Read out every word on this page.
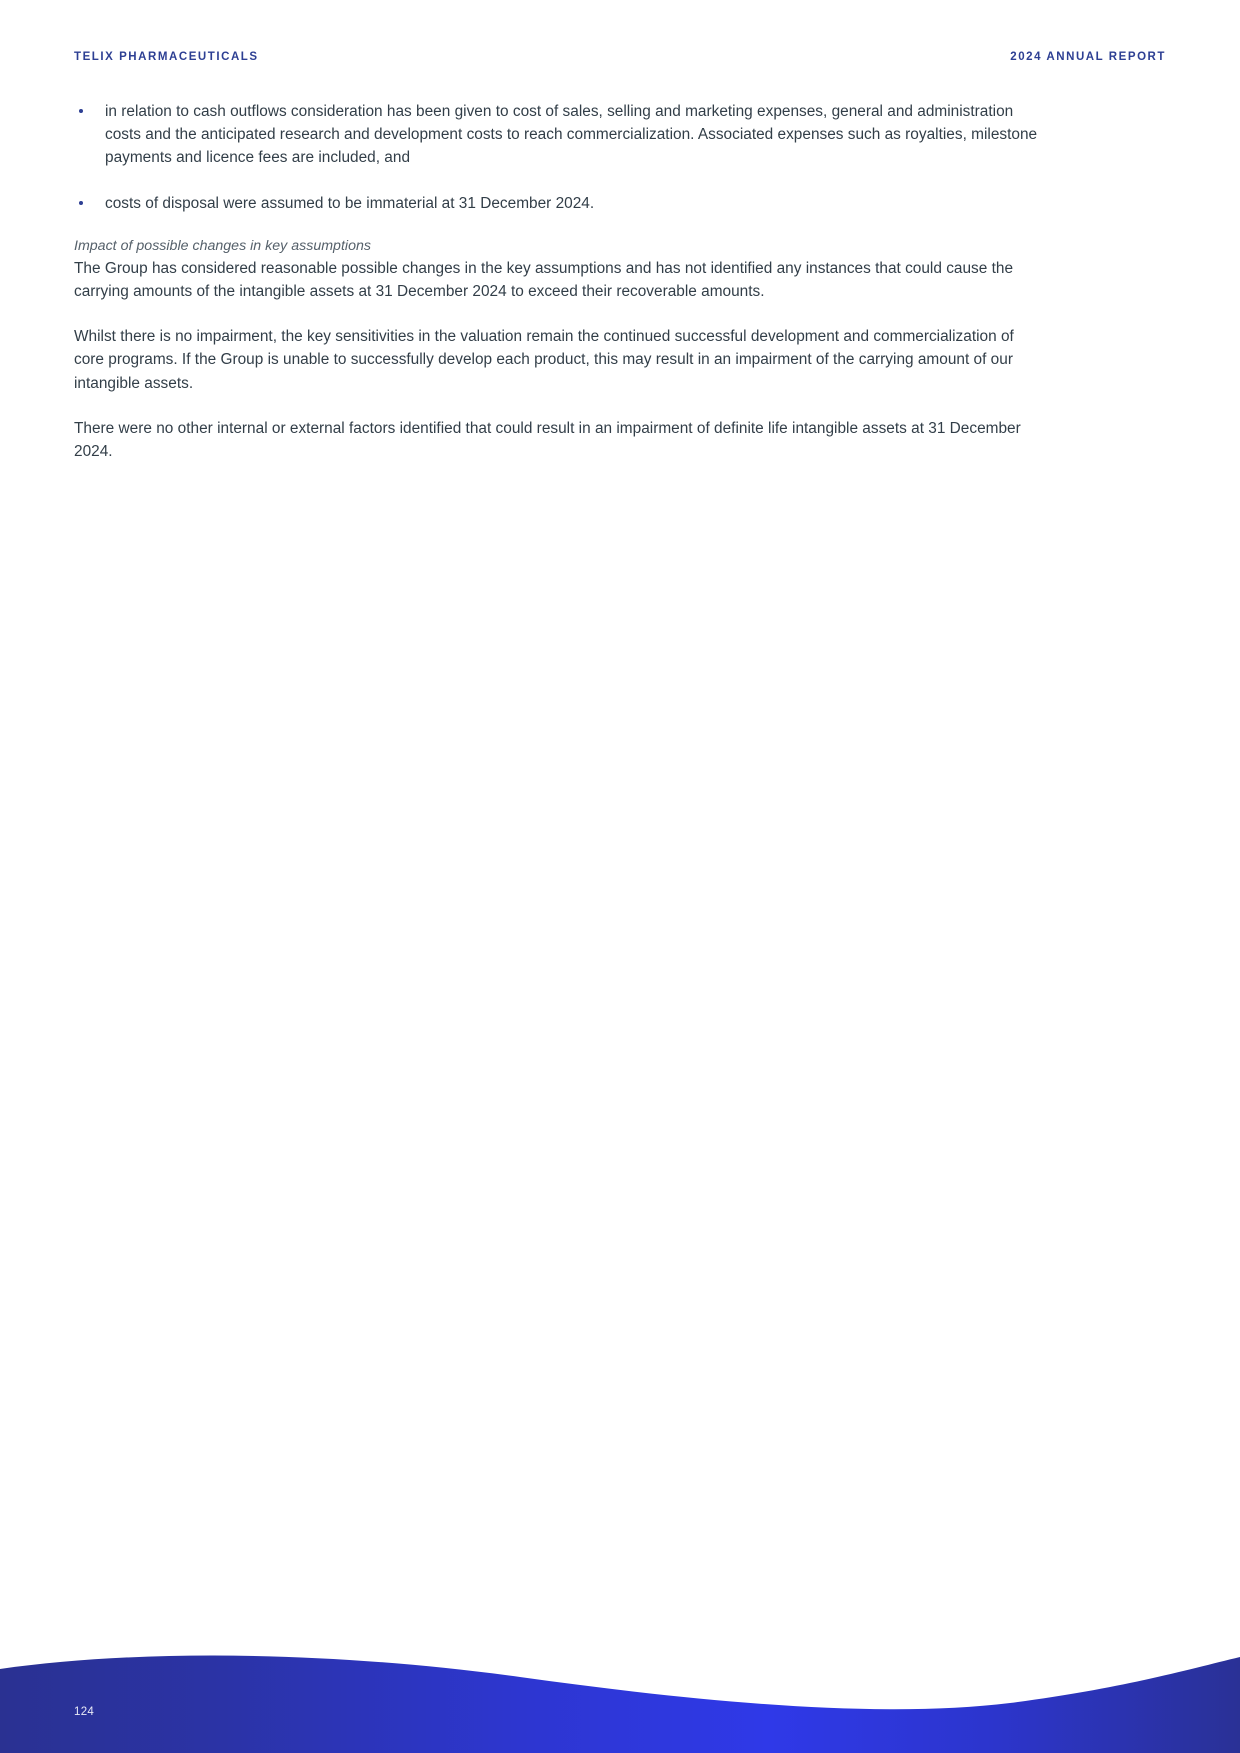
TELIX PHARMACEUTICALS	2024 ANNUAL REPORT
in relation to cash outflows consideration has been given to cost of sales, selling and marketing expenses, general and administration costs and the anticipated research and development costs to reach commercialization. Associated expenses such as royalties, milestone payments and licence fees are included, and
costs of disposal were assumed to be immaterial at 31 December 2024.

Impact of possible changes in key assumptions

The Group has considered reasonable possible changes in the key assumptions and has not identified any instances that could cause the carrying amounts of the intangible assets at 31 December 2024 to exceed their recoverable amounts.

Whilst there is no impairment, the key sensitivities in the valuation remain the continued successful development and commercialization of core programs. If the Group is unable to successfully develop each product, this may result in an impairment of the carrying amount of our intangible assets.

There were no other internal or external factors identified that could result in an impairment of definite life intangible assets at 31 December 2024.

124
